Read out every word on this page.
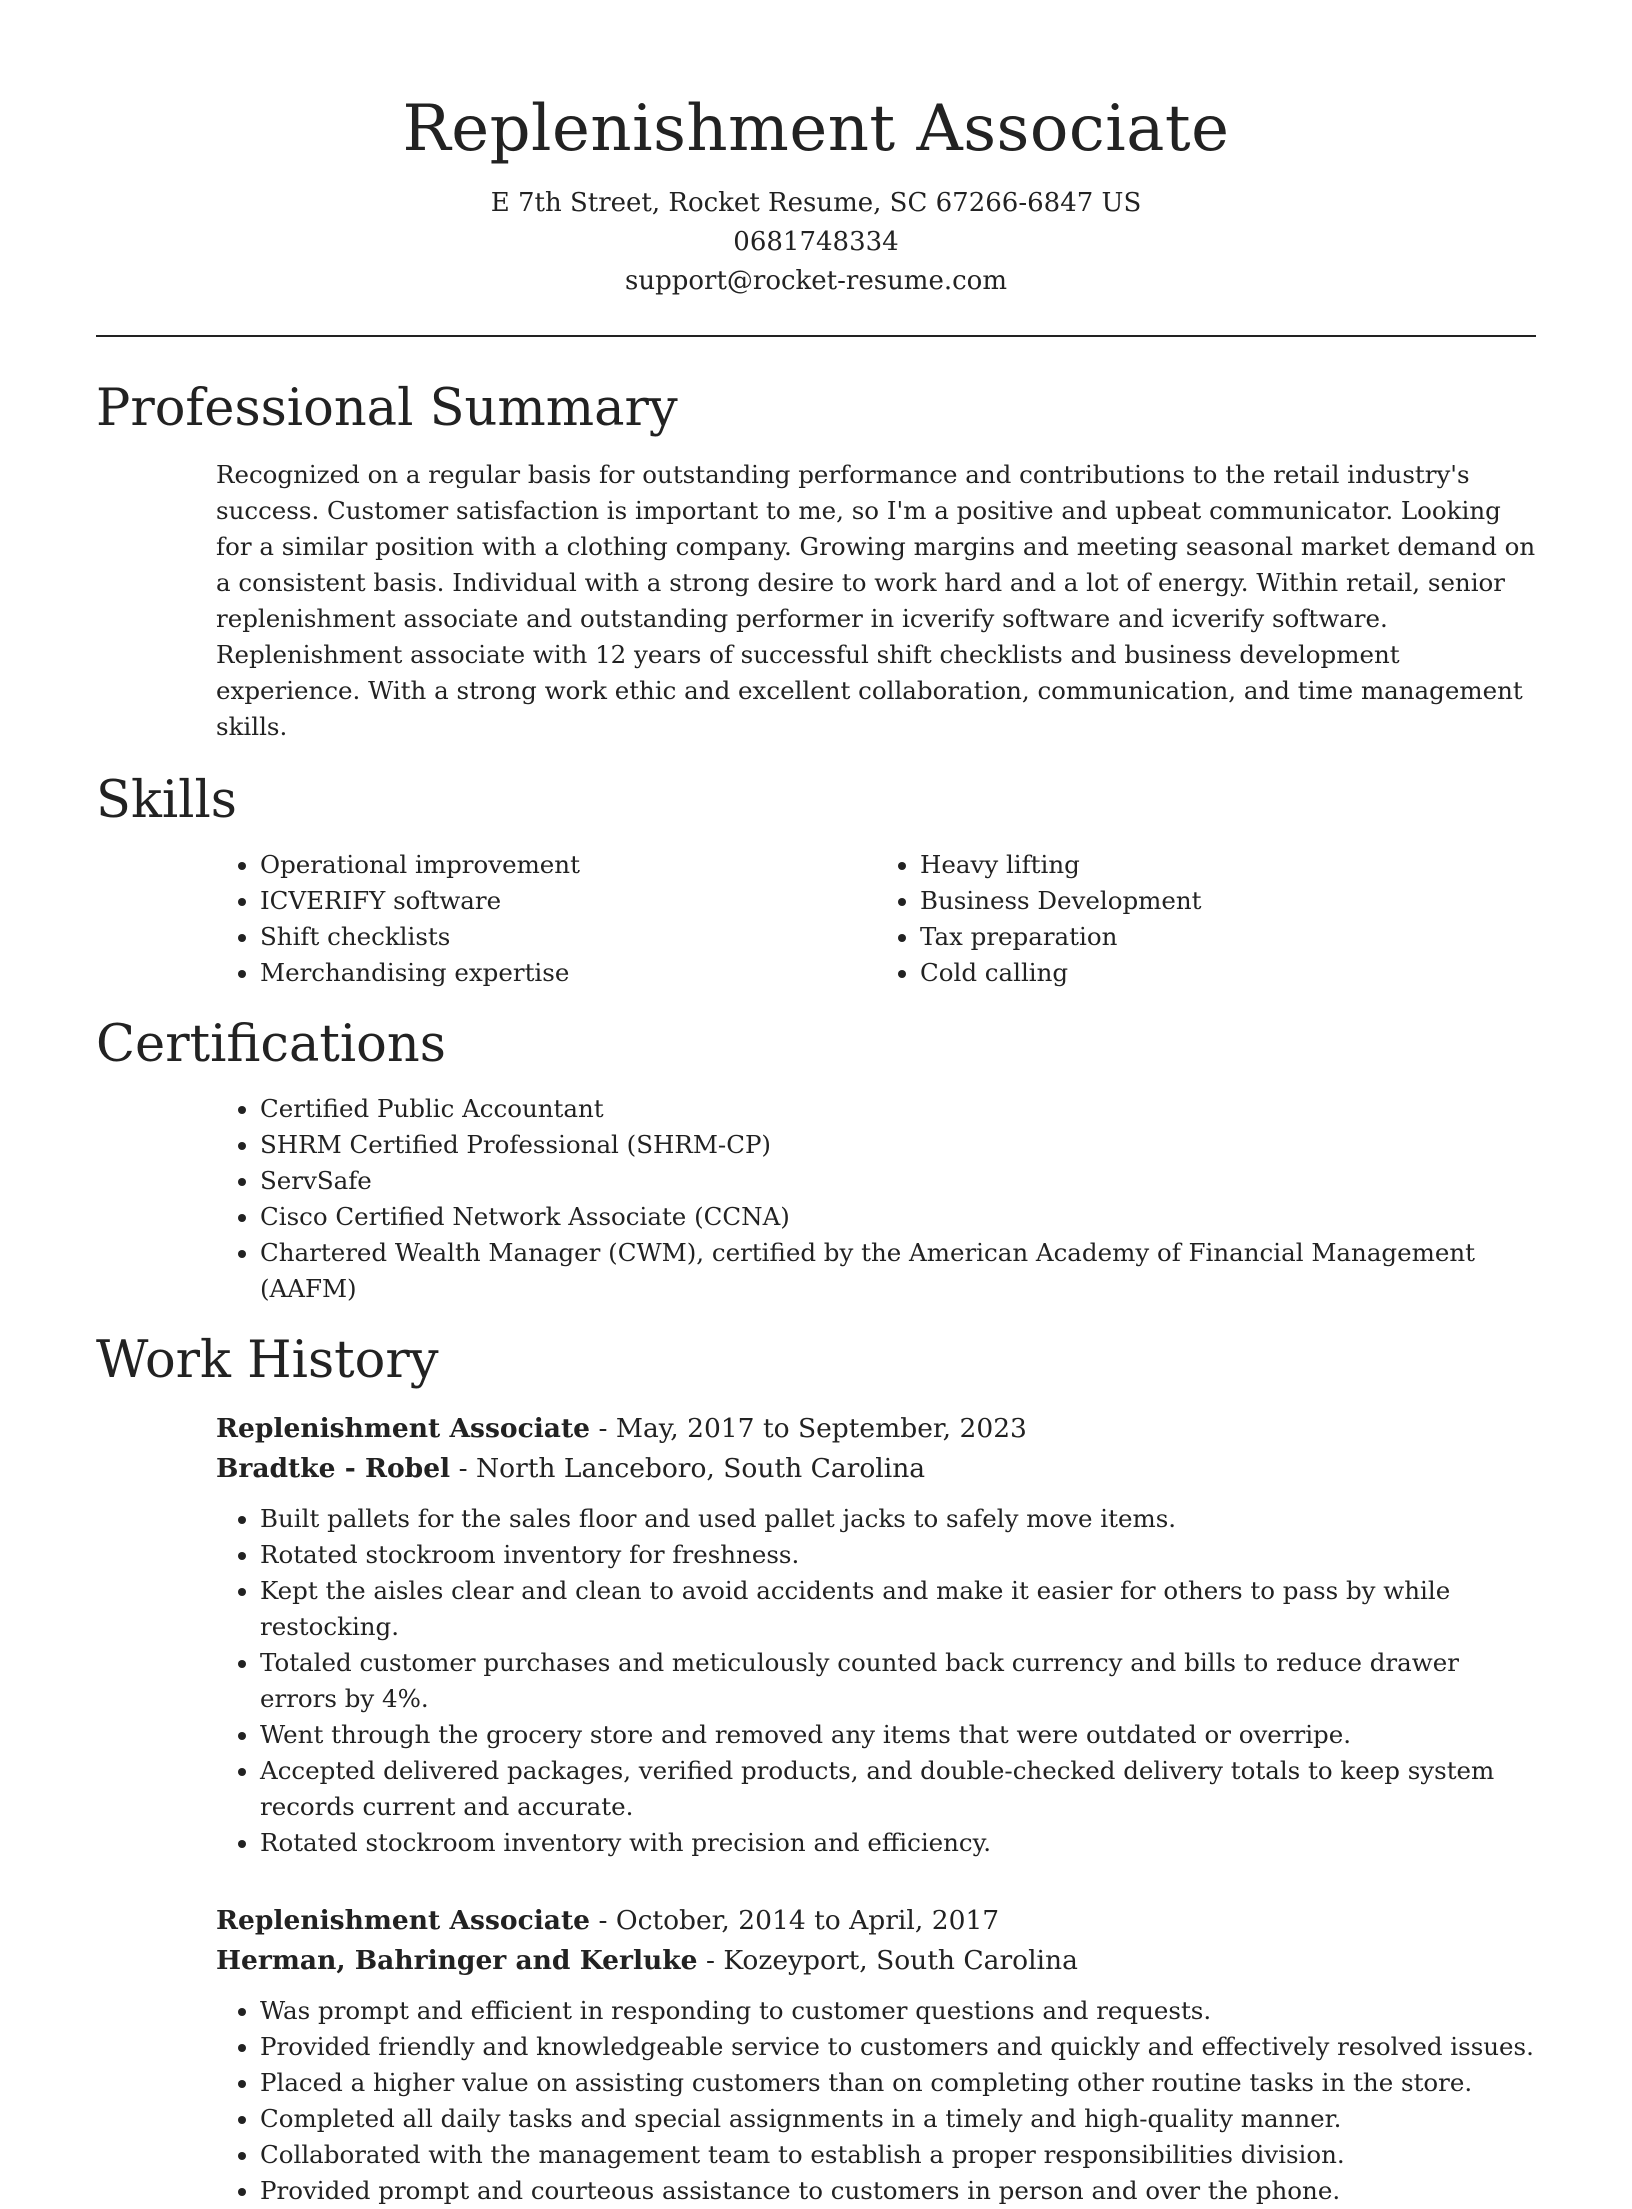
Replenishment Associate

E 7th Street, Rocket Resume, SC 67266-6847 US

0681748334

support@rocket-resume.com

Professional Summary

Recognized on a regular basis for outstanding performance and contributions to the retail industry's success. Customer satisfaction is important to me, so I'm a positive and upbeat communicator. Looking for a similar position with a clothing company. Growing margins and meeting seasonal market demand on a consistent basis. Individual with a strong desire to work hard and a lot of energy. Within retail, senior replenishment associate and outstanding performer in icverify software and icverify software. Replenishment associate with 12 years of successful shift checklists and business development experience. With a strong work ethic and excellent collaboration, communication, and time management skills.

Skills
• Operational improvement
• ICVERIFY software
• Shift checklists
• Merchandising expertise
• Heavy lifting
• Business Development
• Tax preparation
• Cold calling
Certifications
• Certified Public Accountant
• SHRM Certified Professional (SHRM-CP)
• ServSafe
• Cisco Certified Network Associate (CCNA)
• Chartered Wealth Manager (CWM), certified by the American Academy of Financial Management (AAFM)
Work History

Replenishment Associate - May, 2017 to September, 2023

Bradtke - Robel - North Lanceboro, South Carolina

• Built pallets for the sales floor and used pallet jacks to safely move items.
• Rotated stockroom inventory for freshness.
• Kept the aisles clear and clean to avoid accidents and make it easier for others to pass by while restocking.
• Totaled customer purchases and meticulously counted back currency and bills to reduce drawer errors by 4%.
• Went through the grocery store and removed any items that were outdated or overripe.
• Accepted delivered packages, verified products, and double-checked delivery totals to keep system records current and accurate.
• Rotated stockroom inventory with precision and efficiency.

Replenishment Associate - October, 2014 to April, 2017

Herman, Bahringer and Kerluke - Kozeyport, South Carolina

• Was prompt and efficient in responding to customer questions and requests.
• Provided friendly and knowledgeable service to customers and quickly and effectively resolved issues.
• Placed a higher value on assisting customers than on completing other routine tasks in the store.
• Completed all daily tasks and special assignments in a timely and high-quality manner.
• Collaborated with the management team to establish a proper responsibilities division.
• Provided prompt and courteous assistance to customers in person and over the phone.
